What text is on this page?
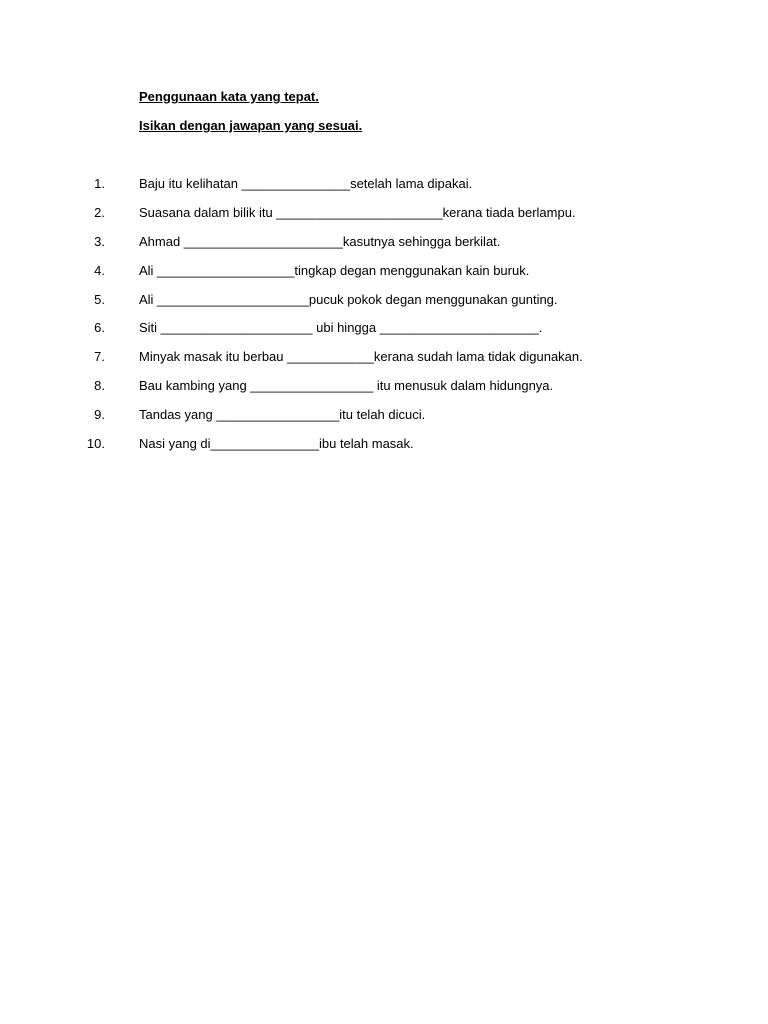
Penggunaan kata yang tepat.
Isikan dengan jawapan yang sesuai.
1.	Baju itu kelihatan _______________setelah lama dipakai.
2.	Suasana dalam bilik itu _______________________kerana tiada berlampu.
3.	Ahmad ______________________kasutnya sehingga berkilat.
4.	Ali ___________________tingkap degan menggunakan kain buruk.
5.	Ali _____________________pucuk pokok degan menggunakan gunting.
6.	Siti _____________________ ubi hingga ______________________.
7.	Minyak masak itu berbau ____________kerana sudah lama tidak digunakan.
8.	Bau kambing yang _________________ itu menusuk dalam hidungnya.
9.	Tandas yang _________________itu telah dicuci.
10.	Nasi yang di_______________ibu telah masak.
